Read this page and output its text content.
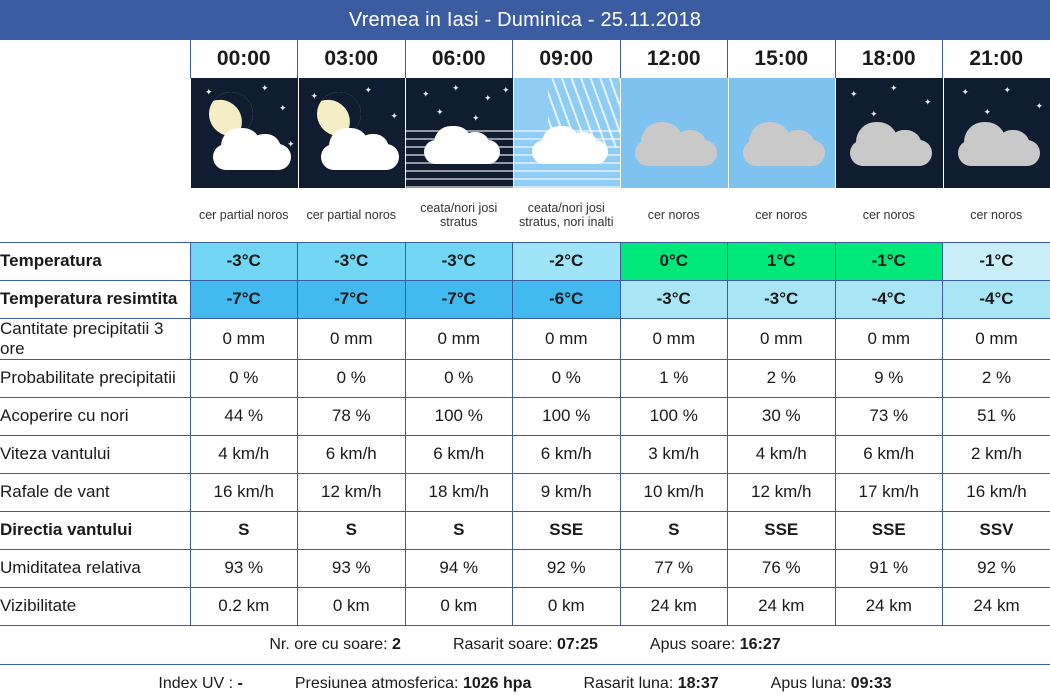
Vremea in Iasi - Duminica - 25.11.2018
	00:00	03:00	06:00	09:00	12:00	15:00	18:00	21:00

✦	✦
✦
✦

✦
✦
✦

✦
✦
✦
✦
✦
✦

✦
✦
✦
✦

✦	✦
✦
✦

	cer partial noros	cer partial noros	ceata/nori josi stratus	ceata/nori josi stratus, nori inalti	cer noros	cer noros	cer noros	cer noros
Temperatura	-3°C	-3°C	-3°C	-2°C	0°C	1°C	-1°C	-1°C
Temperatura resimtita	-7°C	-7°C	-7°C	-6°C	-3°C	-3°C	-4°C	-4°C
Cantitate precipitatii 3 ore	0 mm	0 mm	0 mm	0 mm	0 mm	0 mm	0 mm	0 mm
Probabilitate precipitatii	0 %	0 %	0 %	0 %	1 %	2 %	9 %	2 %
Acoperire cu nori	44 %	78 %	100 %	100 %	100 %	30 %	73 %	51 %
Viteza vantului	4 km/h	6 km/h	6 km/h	6 km/h	3 km/h	4 km/h	6 km/h	2 km/h
Rafale de vant	16 km/h	12 km/h	18 km/h	9 km/h	10 km/h	12 km/h	17 km/h	16 km/h
Directia vantului	S	S	S	SSE	S	SSE	SSE	SSV
Umiditatea relativa	93 %	93 %	94 %	92 %	77 %	76 %	91 %	92 %
Vizibilitate	0.2 km	0 km	0 km	0 km	24 km	24 km	24 km	24 km
Nr. ore cu soare: 2	Rasarit soare: 07:25	Apus soare: 16:27
Index UV : -	Presiunea atmosferica: 1026 hpa	Rasarit luna: 18:37	Apus luna: 09:33
